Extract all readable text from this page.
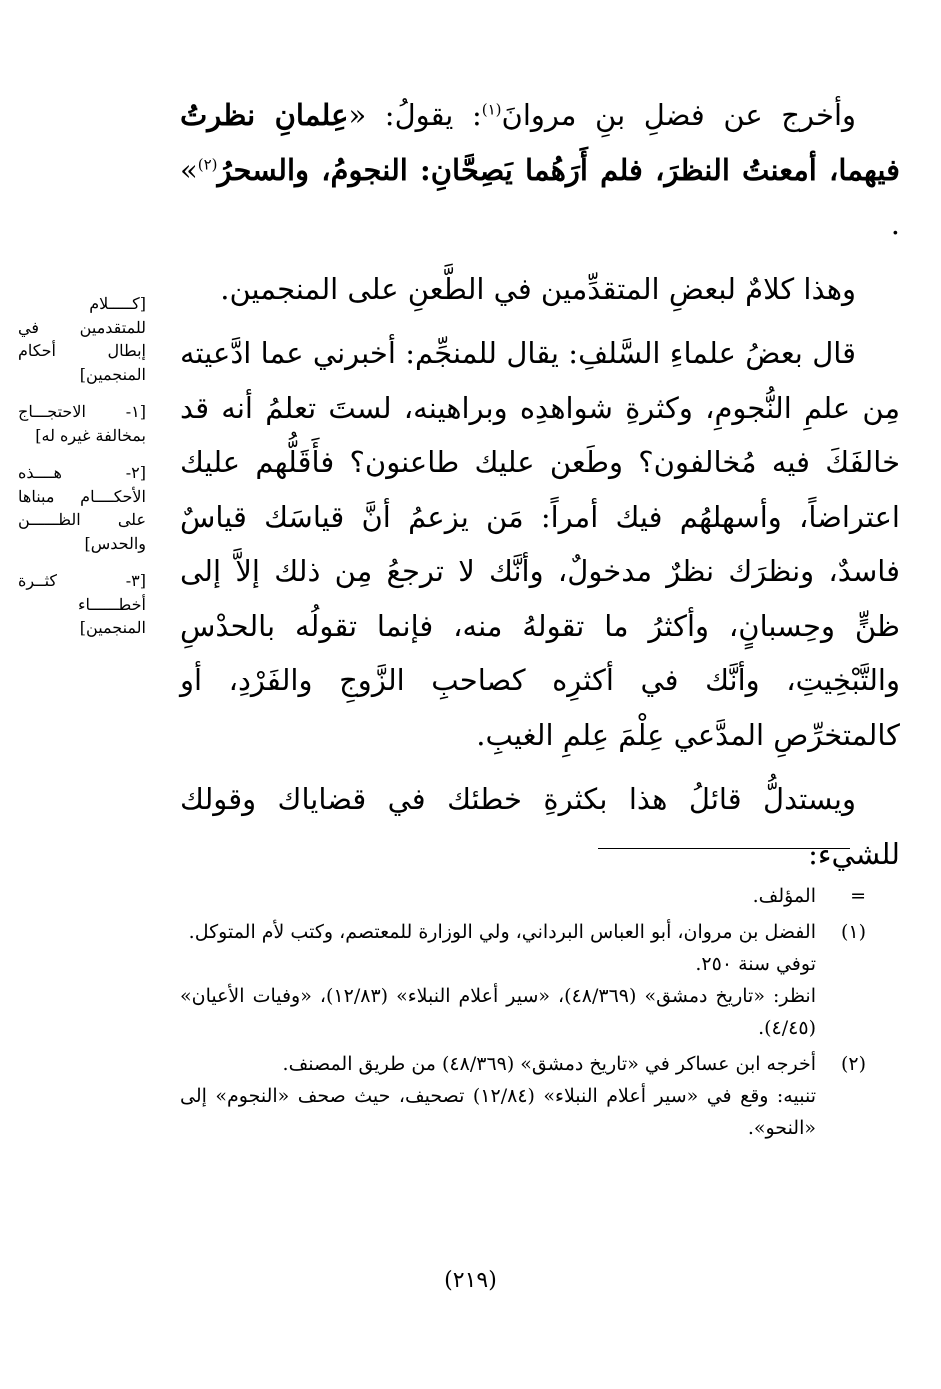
وأخرج عن فضلِ بنِ مروانَ$^{(١)}$: يقولُ: «عِلمانِ نظرتُ فيهما، أمعنتُ النظرَ، فلم أَرَهُما يَصِحَّانِ: النجومُ، والسحرُ$^{(٢)}$» .

وهذا كلامٌ لبعضِ المتقدِّمين في الطَّعنِ على المنجمين.

قال بعضُ علماءِ السَّلفِ: يقال للمنجِّم: أخبرني عما ادَّعيته مِن علمِ النُّجومِ، وكثرةِ شواهدِه وبراهينه، لستَ تعلمُ أنه قد خالفَكَ فيه مُخالفون؟ وطَعن عليك طاعنون؟ فأَقَلُّهم عليك اعتراضاً، وأسهلهُم فيك أمراً: مَن يزعمُ أنَّ قياسَك قياسٌ فاسدٌ، ونظرَك نظرٌ مدخولٌ، وأنَّك لا ترجعُ مِن ذلك إلاَّ إلى ظنٍّ وحِسبانٍ، وأكثرُ ما تقولهُ منه، فإنما تقولُه بالحدْسِ والتَّبْخِيتِ، وأنَّك في أكثرِه كصاحبِ الزَّوجِ والفَرْدِ، أو كالمتخرِّصِ المدَّعي عِلْمَ عِلمِ الغيبِ.

ويستدلُّ قائلُ هذا بكثرةِ خطئك في قضاياك وقولك للشيء:

[كـــــلام للمتقدمين في إبطال أحكام المنجمين]

[١- الاحتجـــاج بمخالفة غيره له]

[٢- هــــذه الأحكــــام مبناها على الظــــــن والحدس]

[٣- كثــرة أخطــــــاء المنجمين]

=
المؤلف.
(١)
الفضل بن مروان، أبو العباس البرداني، ولي الوزارة للمعتصم، وكتب لأم المتوكل.
توفي سنة ٢٥٠.
انظر: «تاريخ دمشق» (٤٨/٣٦٩)، «سير أعلام النبلاء» (١٢/٨٣)، «وفيات الأعيان» (٤/٤٥).
(٢)
أخرجه ابن عساكر في «تاريخ دمشق» (٤٨/٣٦٩) من طريق المصنف.
تنبيه: وقع في «سير أعلام النبلاء» (١٢/٨٤) تصحيف، حيث صحف «النجوم» إلى «النحو».
(٢١٩)
